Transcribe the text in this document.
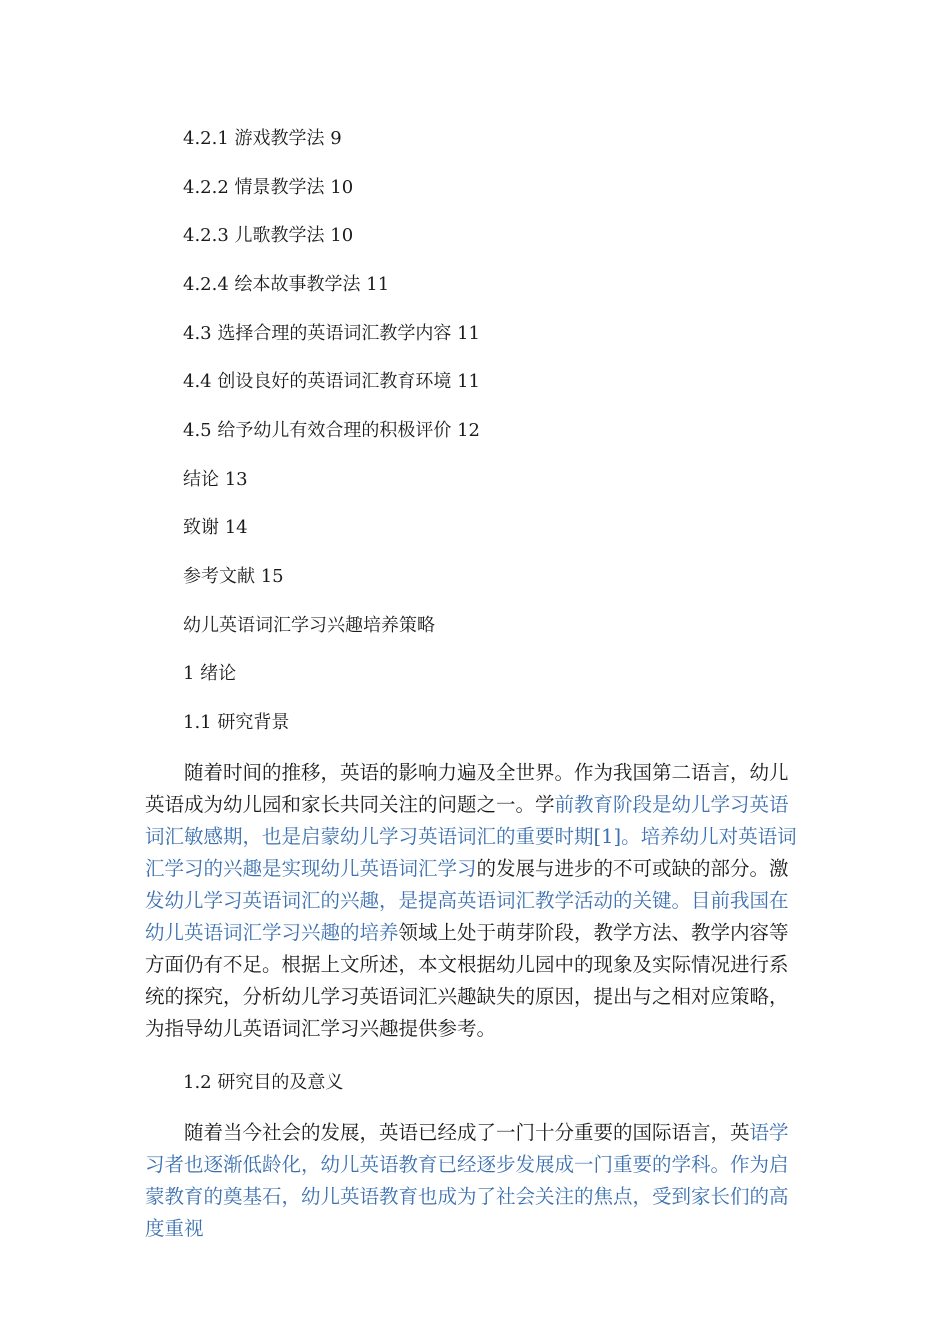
4.2.1 游戏教学法 9
4.2.2 情景教学法 10
4.2.3 儿歌教学法 10
4.2.4 绘本故事教学法 11
4.3 选择合理的英语词汇教学内容 11
4.4 创设良好的英语词汇教育环境 11
4.5 给予幼儿有效合理的积极评价 12
结论 13
致谢 14
参考文献 15
幼儿英语词汇学习兴趣培养策略
1 绪论
1.1 研究背景

随着时间的推移，英语的影响力遍及全世界。作为我国第二语言，幼儿英语成为幼儿园和家长共同关注的问题之一。学前教育阶段是幼儿学习英语词汇敏感期，也是启蒙幼儿学习英语词汇的重要时期[1]。培养幼儿对英语词汇学习的兴趣是实现幼儿英语词汇学习的发展与进步的不可或缺的部分。激发幼儿学习英语词汇的兴趣，是提高英语词汇教学活动的关键。目前我国在幼儿英语词汇学习兴趣的培养领域上处于萌芽阶段，教学方法、教学内容等方面仍有不足。根据上文所述，本文根据幼儿园中的现象及实际情况进行系统的探究，分析幼儿学习英语词汇兴趣缺失的原因，提出与之相对应策略，为指导幼儿英语词汇学习兴趣提供参考。

1.2 研究目的及意义

随着当今社会的发展，英语已经成了一门十分重要的国际语言，英语学习者也逐渐低龄化，幼儿英语教育已经逐步发展成一门重要的学科。作为启蒙教育的奠基石，幼儿英语教育也成为了社会关注的焦点，受到家长们的高度重视
